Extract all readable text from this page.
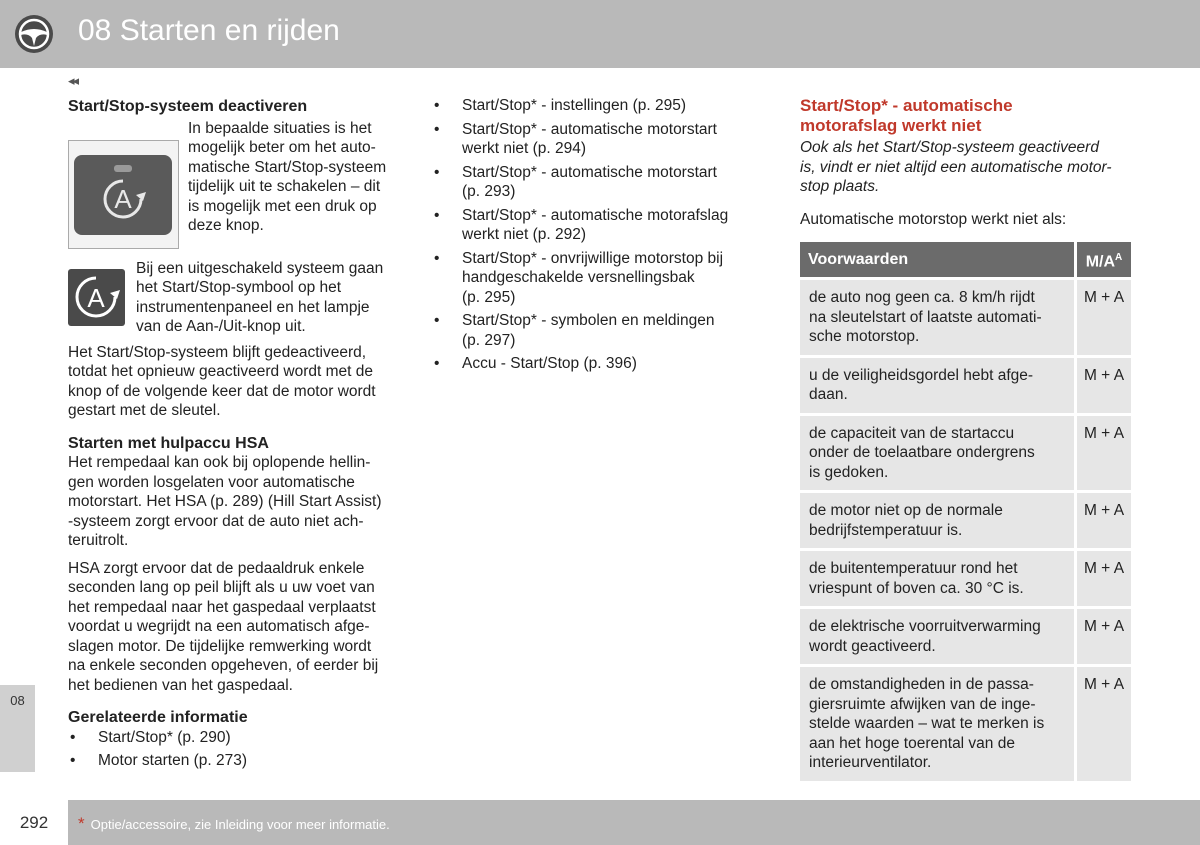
08 Starten en rijden
◂◂
Start/Stop-systeem deactiveren
A

In bepaalde situaties is het

mogelijk beter om het auto-

matische Start/Stop-systeem

tijdelijk uit te schakelen – dit

is mogelijk met een druk op

deze knop.

A

Bij een uitgeschakeld systeem gaan

het Start/Stop-symbool op het

instrumentenpaneel en het lampje

van de Aan-/Uit-knop uit.

Het Start/Stop-systeem blijft gedeactiveerd,

totdat het opnieuw geactiveerd wordt met de

knop of de volgende keer dat de motor wordt

gestart met de sleutel.

Starten met hulpaccu HSA

Het rempedaal kan ook bij oplopende hellin-

gen worden losgelaten voor automatische

motorstart. Het HSA (p. 289) (Hill Start Assist)

-systeem zorgt ervoor dat de auto niet ach-

teruitrolt.

HSA zorgt ervoor dat de pedaaldruk enkele

seconden lang op peil blijft als u uw voet van

het rempedaal naar het gaspedaal verplaatst

voordat u wegrijdt na een automatisch afge-

slagen motor. De tijdelijke remwerking wordt

na enkele seconden opgeheven, of eerder bij

het bedienen van het gaspedaal.

Gerelateerde informatie
• Start/Stop* (p. 290)
• Motor starten (p. 273)
• Start/Stop* - instellingen (p. 295)
• Start/Stop* - automatische motorstart
werkt niet (p. 294)
• Start/Stop* - automatische motorstart
(p. 293)
• Start/Stop* - automatische motorafslag
werkt niet (p. 292)
• Start/Stop* - onvrijwillige motorstop bij
handgeschakelde versnellingsbak
(p. 295)
• Start/Stop* - symbolen en meldingen
(p. 297)
• Accu - Start/Stop (p. 396)
Start/Stop* - automatische
motorafslag werkt niet

Ook als het Start/Stop-systeem geactiveerd

is, vindt er niet altijd een automatische motor-

stop plaats.

Automatische motorstop werkt niet als:

Voorwaarden	$M/A^A$
de auto nog geen ca. 8 km/h rijdt
na sleutelstart of laatste automati-
sche motorstop.	M + A
u de veiligheidsgordel hebt afge-
daan.	M + A
de capaciteit van de startaccu
onder de toelaatbare ondergrens
is gedoken.	M + A
de motor niet op de normale
bedrijfstemperatuur is.	M + A
de buitentemperatuur rond het
vriespunt of boven ca. 30 °C is.	M + A
de elektrische voorruitverwarming
wordt geactiveerd.	M + A
de omstandigheden in de passa-
giersruimte afwijken van de inge-
stelde waarden – wat te merken is
aan het hoge toerental van de
interieurventilator.	M + A
08
292	* Optie/accessoire, zie Inleiding voor meer informatie.
